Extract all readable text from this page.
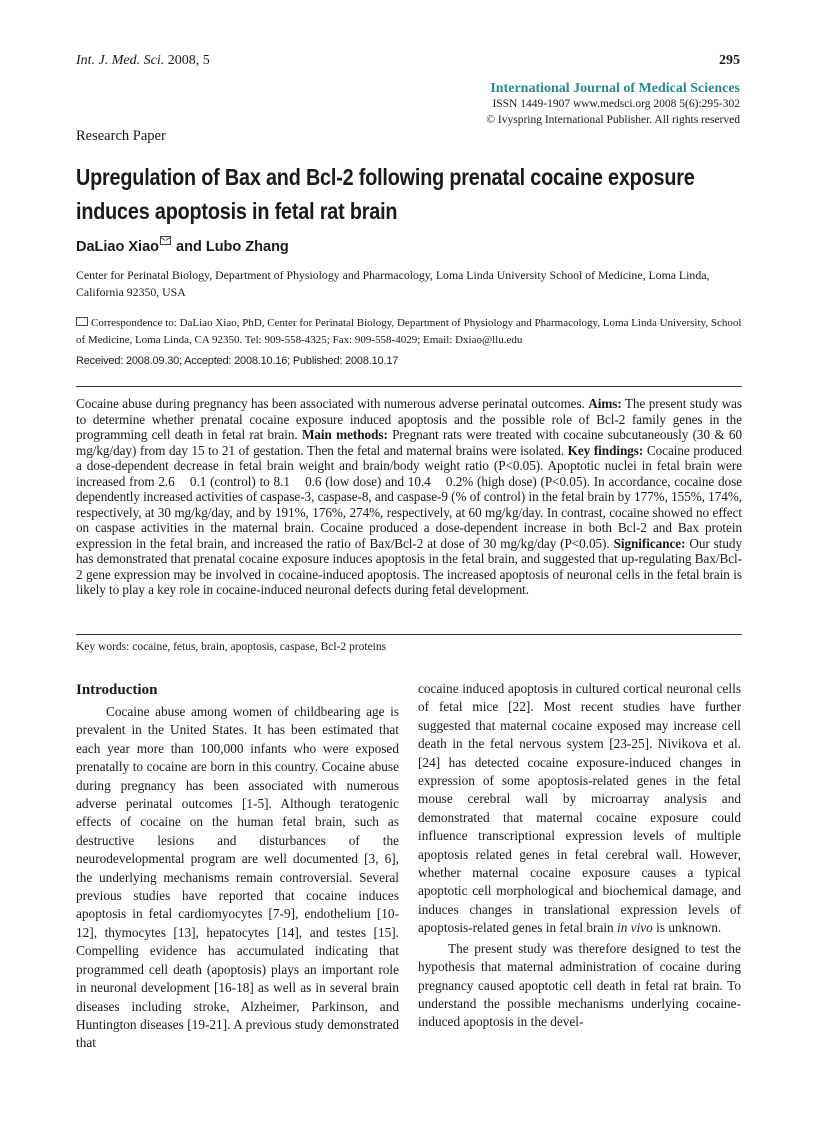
Int. J. Med. Sci. 2008, 5	295
International Journal of Medical Sciences
ISSN 1449-1907 www.medsci.org 2008 5(6):295-302
© Ivyspring International Publisher. All rights reserved
Research Paper
Upregulation of Bax and Bcl-2 following prenatal cocaine exposure induces apoptosis in fetal rat brain
DaLiao Xiao and Lubo Zhang
Center for Perinatal Biology, Department of Physiology and Pharmacology, Loma Linda University School of Medicine, Loma Linda, California 92350, USA
Correspondence to: DaLiao Xiao, PhD, Center for Perinatal Biology, Department of Physiology and Pharmacology, Loma Linda University, School of Medicine, Loma Linda, CA 92350. Tel: 909-558-4325; Fax: 909-558-4029; Email: Dxiao@llu.edu
Received: 2008.09.30; Accepted: 2008.10.16; Published: 2008.10.17
Cocaine abuse during pregnancy has been associated with numerous adverse perinatal outcomes. Aims: The present study was to determine whether prenatal cocaine exposure induced apoptosis and the possible role of Bcl-2 family genes in the programming cell death in fetal rat brain. Main methods: Pregnant rats were treated with cocaine subcutaneously (30 & 60 mg/kg/day) from day 15 to 21 of gestation. Then the fetal and maternal brains were isolated. Key findings: Cocaine produced a dose-dependent decrease in fetal brain weight and brain/body weight ratio (P<0.05). Apoptotic nuclei in fetal brain were increased from 2.6    0.1 (control) to 8.1    0.6 (low dose) and 10.4    0.2% (high dose) (P<0.05). In accordance, cocaine dose dependently increased activities of caspase-3, caspase-8, and caspase-9 (% of control) in the fetal brain by 177%, 155%, 174%, respectively, at 30 mg/kg/day, and by 191%, 176%, 274%, respectively, at 60 mg/kg/day. In contrast, cocaine showed no effect on caspase activities in the maternal brain. Cocaine produced a dose-dependent increase in both Bcl-2 and Bax protein expression in the fetal brain, and increased the ratio of Bax/Bcl-2 at dose of 30 mg/kg/day (P<0.05). Significance: Our study has demonstrated that prenatal cocaine exposure induces apoptosis in the fetal brain, and suggested that up-regulating Bax/Bcl-2 gene expression may be involved in cocaine-induced apoptosis. The increased apoptosis of neuronal cells in the fetal brain is likely to play a key role in cocaine-induced neuronal defects during fetal development.
Key words: cocaine, fetus, brain, apoptosis, caspase, Bcl-2 proteins

Introduction

Cocaine abuse among women of childbearing age is prevalent in the United States. It has been estimated that each year more than 100,000 infants who were exposed prenatally to cocaine are born in this country. Cocaine abuse during pregnancy has been associated with numerous adverse perinatal outcomes [1-5]. Although teratogenic effects of cocaine on the human fetal brain, such as destructive lesions and disturbances of the neurodevelopmental program are well documented [3, 6], the underlying mechanisms remain controversial. Several previous studies have reported that cocaine induces apoptosis in fetal cardiomyocytes [7-9], endothelium [10-12], thymocytes [13], hepatocytes [14], and testes [15]. Compelling evidence has accumulated indicating that programmed cell death (apoptosis) plays an important role in neuronal development [16-18] as well as in several brain diseases including stroke, Alzheimer, Parkinson, and Huntington diseases [19-21]. A previous study demonstrated that

cocaine induced apoptosis in cultured cortical neuronal cells of fetal mice [22]. Most recent studies have further suggested that maternal cocaine exposed may increase cell death in the fetal nervous system [23-25]. Nivikova et al.[24] has detected cocaine exposure-induced changes in expression of some apoptosis-related genes in the fetal mouse cerebral wall by microarray analysis and demonstrated that maternal cocaine exposure could influence transcriptional expression levels of multiple apoptosis related genes in fetal cerebral wall. However, whether maternal cocaine exposure causes a typical apoptotic cell morphological and biochemical damage, and induces changes in translational expression levels of apoptosis-related genes in fetal brain in vivo is unknown.

The present study was therefore designed to test the hypothesis that maternal administration of cocaine during pregnancy caused apoptotic cell death in fetal rat brain. To understand the possible mechanisms underlying cocaine-induced apoptosis in the devel-
